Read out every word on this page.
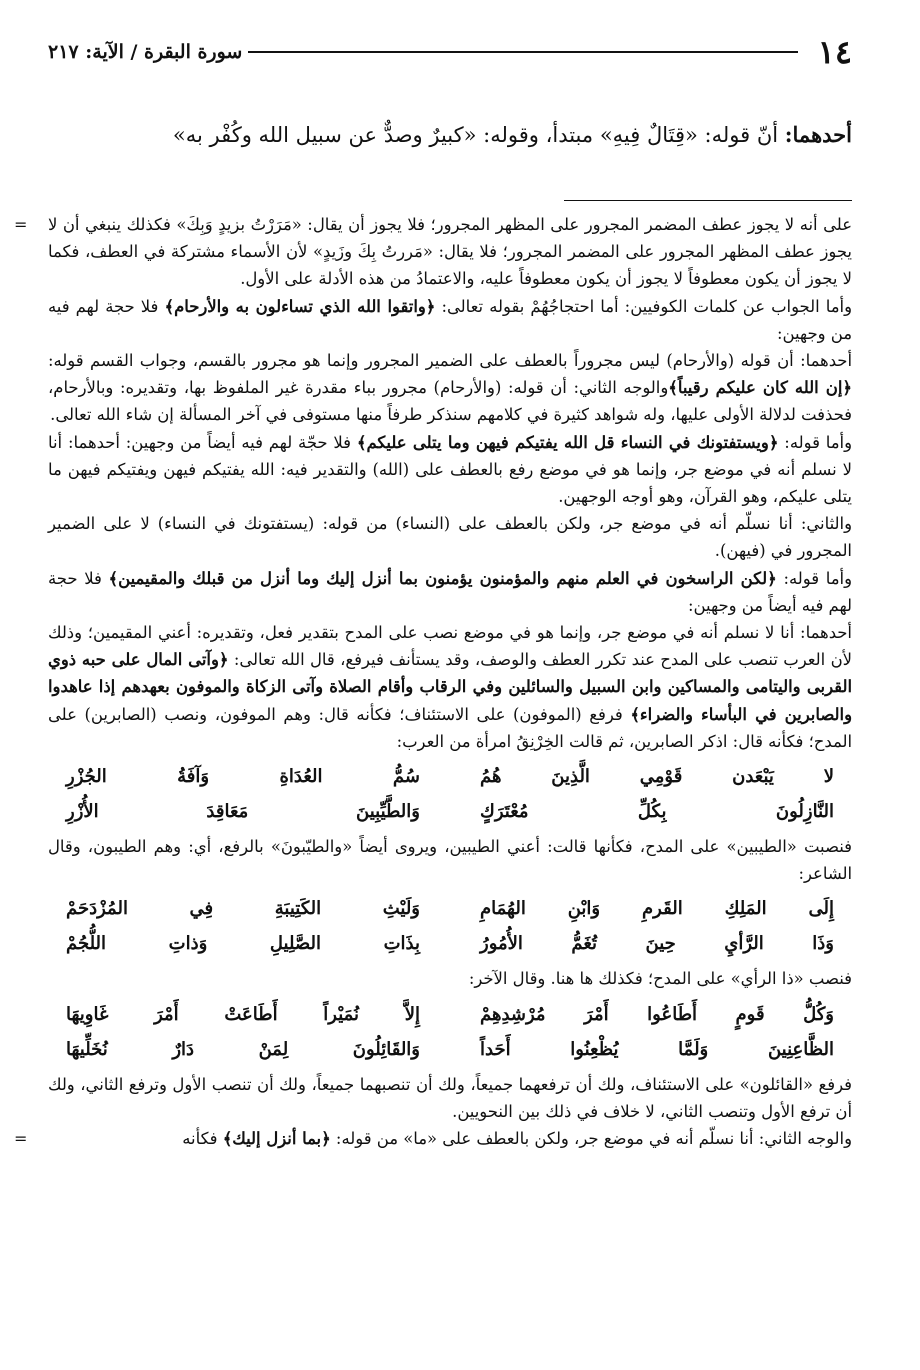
١٤
سورة البقرة / الآية: ٢١٧
أحدهما: أنّ قوله: «قِتَالٌ فِيهِ» مبتدأ، وقوله: «كبيرٌ وصدٌّ عن سبيل الله وكُفْر به»
= على أنه لا يجوز عطف المضمر المجرور على المظهر المجرور؛ فلا يجوز أن يقال: «مَرَرْتُ بزيدٍ وَبِكَ» فكذلك ينبغي أن لا يجوز عطف المظهر المجرور على المضمر المجرور؛ فلا يقال: «مَررتُ بِكَ وزَيدٍ» لأن الأسماء مشتركة في العطف، فكما لا يجوز أن يكون معطوفاً لا يجوز أن يكون معطوفاً عليه، والاعتمادُ من هذه الأدلة على الأول.

وأما الجواب عن كلمات الكوفيين: أما احتجاجُهُمْ بقوله تعالى: ﴿واتقوا الله الذي تساءلون به والأرحام﴾ فلا حجة لهم فيه من وجهين:

أحدهما: أن قوله (والأرحام) ليس مجروراً بالعطف على الضمير المجرور وإنما هو مجرور بالقسم، وجواب القسم قوله: ﴿إن الله كان عليكم رقيباً﴾والوجه الثاني: أن قوله: (والأرحام) مجرور بباء مقدرة غير الملفوظ بها، وتقديره: وبالأرحام، فحذفت لدلالة الأولى عليها، وله شواهد كثيرة في كلامهم سنذكر طرفاً منها مستوفى في آخر المسألة إن شاء الله تعالى.

وأما قوله: ﴿ويستفتونك في النساء قل الله يفتيكم فيهن وما يتلى عليكم﴾ فلا حجّة لهم فيه أيضاً من وجهين: أحدهما: أنا لا نسلم أنه في موضع جر، وإنما هو في موضع رفع بالعطف على (الله) والتقدير فيه: الله يفتيكم فيهن ويفتيكم فيهن ما يتلى عليكم، وهو القرآن، وهو أوجه الوجهين.

والثاني: أنا نسلّم أنه في موضع جر، ولكن بالعطف على (النساء) من قوله: (يستفتونك في النساء) لا على الضمير المجرور في (فيهن).

وأما قوله: ﴿لكن الراسخون في العلم منهم والمؤمنون يؤمنون بما أنزل إليك وما أنزل من قبلك والمقيمين﴾ فلا حجة لهم فيه أيضاً من وجهين:

أحدهما: أنا لا نسلم أنه في موضع جر، وإنما هو في موضع نصب على المدح بتقدير فعل، وتقديره: أعني المقيمين؛ وذلك لأن العرب تنصب على المدح عند تكرر العطف والوصف، وقد يستأنف فيرفع، قال الله تعالى: ﴿وآتى المال على حبه ذوي القربى واليتامى والمساكين وابن السبيل والسائلين وفي الرقاب وأقام الصلاة وآتى الزكاة والموفون بعهدهم إذا عاهدوا والصابرين في البأساء والضراء﴾ فرفع (الموفون) على الاستئناف؛ فكأنه قال: وهم الموفون، ونصب (الصابرين) على المدح؛ فكأنه قال: اذكر الصابرين، ثم قالت الخِرْنِقُ امرأة من العرب:

لا يَبْعَدن قَوْمِي الَّذِينَ هُمُ
سُمُّ العُدَاةِ وَآفَةُ الجُزْرِ
النَّازِلُونَ بِكُلِّ مُعْتَرَكٍ
وَالطَّيِّبِينَ مَعَاقِدَ الأُزْرِ

فنصبت «الطيبين» على المدح، فكأنها قالت: أعني الطيبين، ويروى أيضاً «والطيّبونَ» بالرفع، أي: وهم الطيبون، وقال الشاعر:

إِلَى المَلِكِ القَرمِ وَابْنِ الهُمَامِ
وَلَيْثِ الكَتِيبَةِ فِي المُزْدَحَمْ
وَذَا الرَّأيِ حِينَ تُغَمُّ الأُمُورُ
بِذَاتِ الصَّلِيلِ وَذاتِ اللُّجُمْ

فنصب «ذا الرأي» على المدح؛ فكذلك ها هنا. وقال الآخر:

وَكُلُّ قَومٍ أَطَاعُوا أَمْرَ مُرْشِدِهِمْ
إِلاَّ نُمَيْراً أَطَاعَتْ أَمْرَ غَاوِيهَا
الظَّاعِنِينَ وَلَمَّا يُظْعِنُوا أَحَداً
وَالقَائِلُونَ لِمَنْ دَارٌ نُخَلِّيهَا

فرفع «القائلون» على الاستئناف، ولك أن ترفعهما جميعاً، ولك أن تنصبهما جميعاً، ولك أن تنصب الأول وترفع الثاني، ولك أن ترفع الأول وتنصب الثاني، لا خلاف في ذلك بين النحويين.

والوجه الثاني: أنا نسلّم أنه في موضع جر، ولكن بالعطف على «ما» من قوله: ﴿بما أنزل إليك﴾ فكأنه

=
